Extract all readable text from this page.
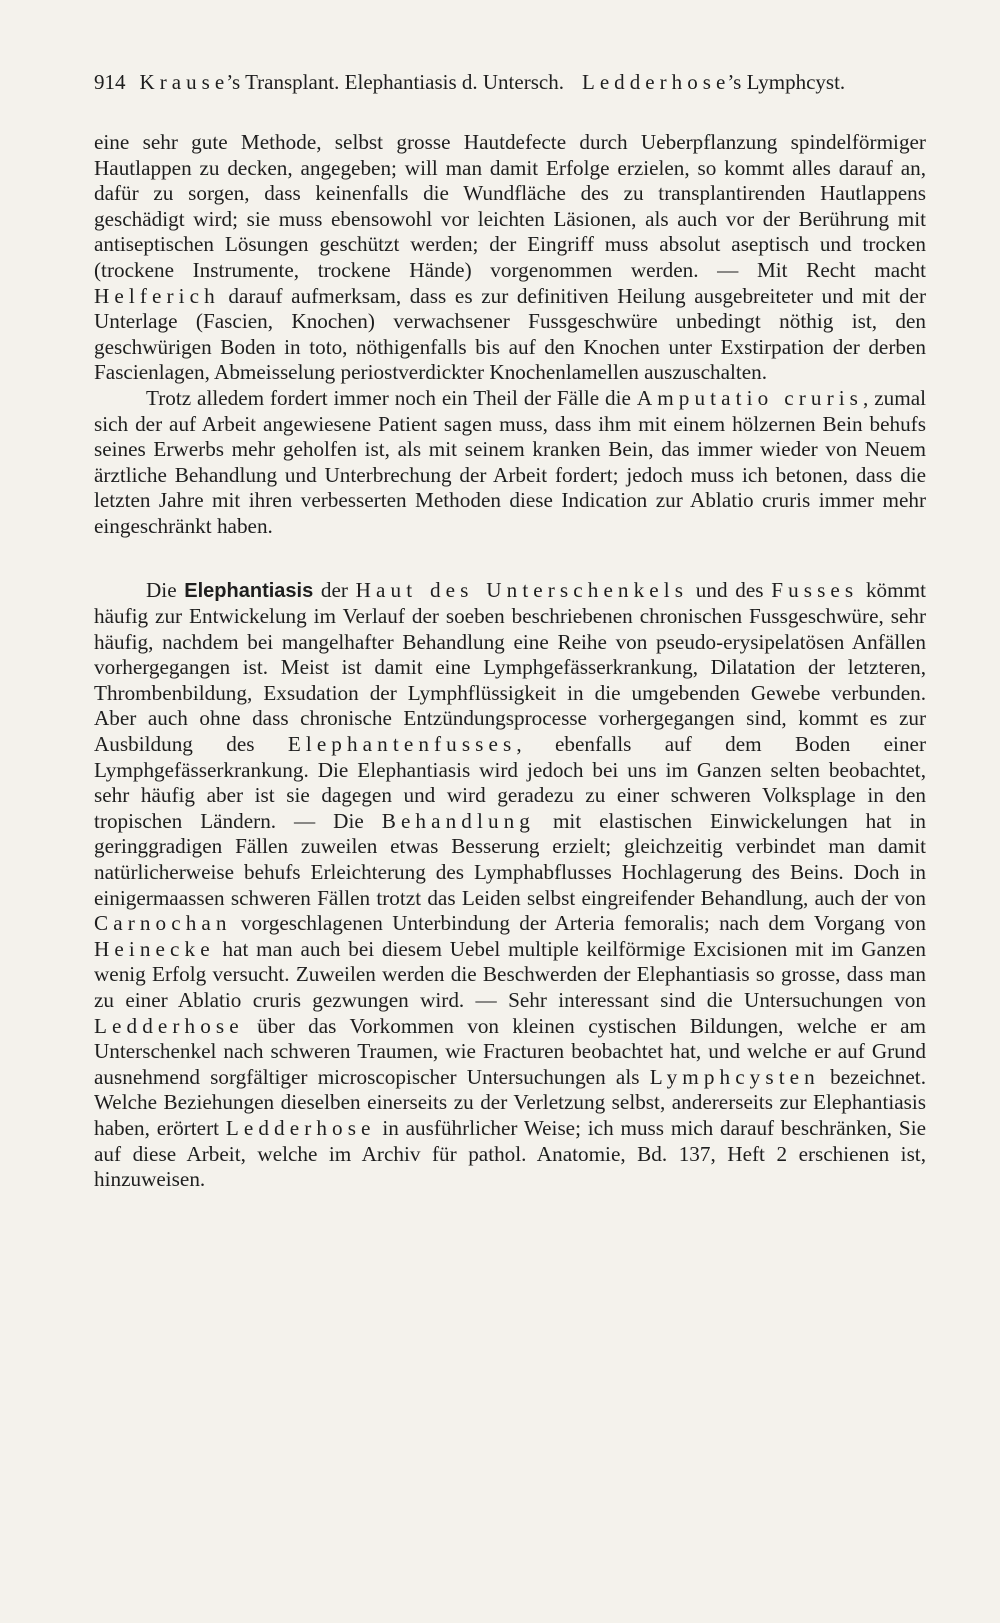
914 Krause
’s Transplant. Elephantiasis d. Untersch. Ledderhose
’s Lymphcyst.

eine sehr gute Methode, selbst grosse Hautdefecte durch Ueberpflanzung spindelförmiger Hautlappen zu decken, angegeben; will man damit Erfolge erzielen, so kommt alles darauf an, dafür zu sorgen, dass keinenfalls die Wundfläche des zu transplantirenden Hautlappens geschädigt wird; sie muss ebensowohl vor leichten Läsionen, als auch vor der Berührung mit antiseptischen Lösungen geschützt werden; der Eingriff muss absolut aseptisch und trocken (trockene Instrumente, trockene Hände) vorgenommen werden. — Mit Recht macht Helferich darauf aufmerksam, dass es zur definitiven Heilung ausgebreiteter und mit der Unterlage (Fascien, Knochen) verwachsener Fussgeschwüre unbedingt nöthig ist, den geschwürigen Boden in toto, nöthigenfalls bis auf den Knochen unter Exstirpation der derben Fascienlagen, Abmeisselung periostverdickter Knochenlamellen auszuschalten.

Trotz alledem fordert immer noch ein Theil der Fälle die Amputatio cruris, zumal sich der auf Arbeit angewiesene Patient sagen muss, dass ihm mit einem hölzernen Bein behufs seines Erwerbs mehr geholfen ist, als mit seinem kranken Bein, das immer wieder von Neuem ärztliche Behandlung und Unterbrechung der Arbeit fordert; jedoch muss ich betonen, dass die letzten Jahre mit ihren verbesserten Methoden diese Indication zur Ablatio cruris immer mehr eingeschränkt haben.

Die Elephantiasis der Haut des Unterschenkels und des Fusses kömmt häufig zur Entwickelung im Verlauf der soeben beschriebenen chronischen Fussgeschwüre, sehr häufig, nachdem bei mangelhafter Behandlung eine Reihe von pseudo-erysipelatösen Anfällen vorhergegangen ist. Meist ist damit eine Lymphgefässerkrankung, Dilatation der letzteren, Thrombenbildung, Exsudation der Lymphflüssigkeit in die umgebenden Gewebe verbunden. Aber auch ohne dass chronische Entzündungsprocesse vorhergegangen sind, kommt es zur Ausbildung des Elephantenfusses, ebenfalls auf dem Boden einer Lymphgefässerkrankung. Die Elephantiasis wird jedoch bei uns im Ganzen selten beobachtet, sehr häufig aber ist sie dagegen und wird geradezu zu einer schweren Volksplage in den tropischen Ländern. — Die Behandlung mit elastischen Einwickelungen hat in geringgradigen Fällen zuweilen etwas Besserung erzielt; gleichzeitig verbindet man damit natürlicherweise behufs Erleichterung des Lymphabflusses Hochlagerung des Beins. Doch in einigermaassen schweren Fällen trotzt das Leiden selbst eingreifender Behandlung, auch der von Carnochan vorgeschlagenen Unterbindung der Arteria femoralis; nach dem Vorgang von Heinecke hat man auch bei diesem Uebel multiple keilförmige Excisionen mit im Ganzen wenig Erfolg versucht. Zuweilen werden die Beschwerden der Elephantiasis so grosse, dass man zu einer Ablatio cruris gezwungen wird. — Sehr interessant sind die Untersuchungen von Ledderhose über das Vorkommen von kleinen cystischen Bildungen, welche er am Unterschenkel nach schweren Traumen, wie Fracturen beobachtet hat, und welche er auf Grund ausnehmend sorgfältiger microscopischer Untersuchungen als Lymphcysten bezeichnet. Welche Beziehungen dieselben einerseits zu der Verletzung selbst, andererseits zur Elephantiasis haben, erörtert Ledderhose in ausführlicher Weise; ich muss mich darauf beschränken, Sie auf diese Arbeit, welche im Archiv für pathol. Anatomie, Bd. 137, Heft 2 erschienen ist, hinzuweisen.
